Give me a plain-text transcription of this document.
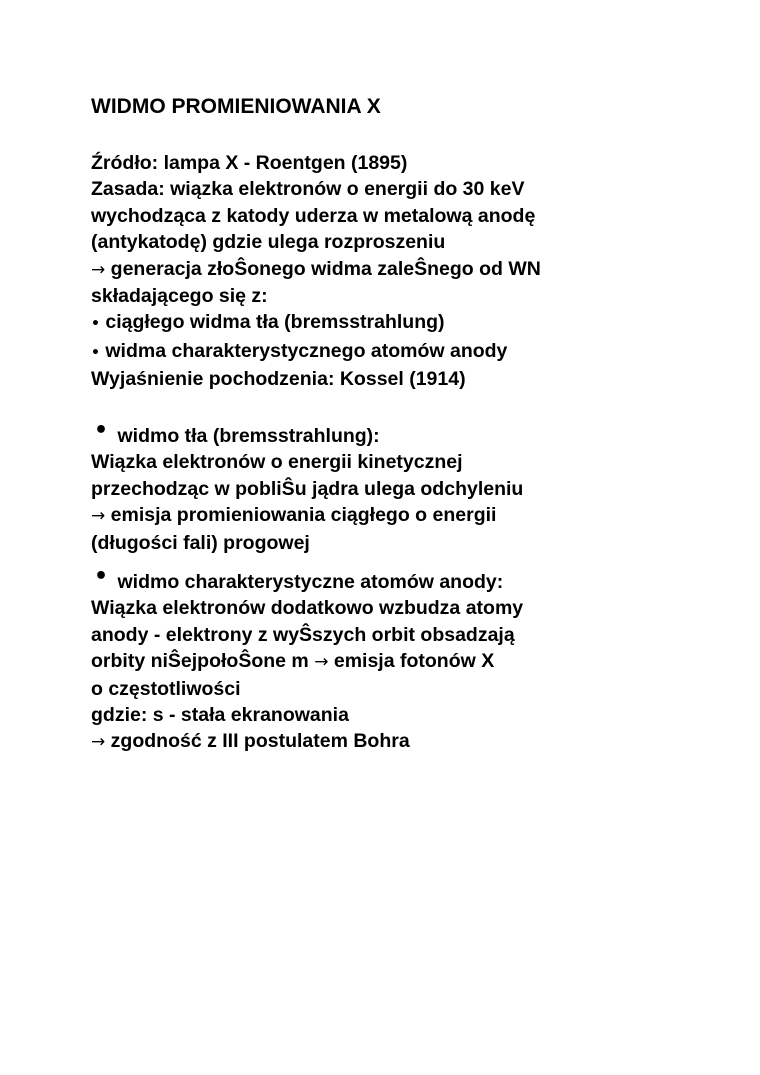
WIDMO PROMIENIOWANIA X
Źródło: lampa X - Roentgen (1895)
Zasada: wiązka elektronów o energii do 30 keV
wychodząca z katody uderza w metalową anodę
(antykatodę) gdzie ulega rozproszeniu
→ generacja złoŜonego widma zaleŜnego od WN
składającego się z:
• ciągłego widma tła (bremsstrahlung)
• widma charakterystycznego atomów anody
Wyjaśnienie pochodzenia: Kossel (1914)
• widmo tła (bremsstrahlung):
Wiązka elektronów o energii kinetycznej
przechodząc w pobliŜu jądra ulega odchyleniu
→ emisja promieniowania ciągłego o energii
(długości fali) progowej
• widmo charakterystyczne atomów anody:
Wiązka elektronów dodatkowo wzbudza atomy
anody - elektrony z wyŜszych orbit obsadzają
orbity niŜejpołoŜone m → emisja fotonów X
o częstotliwości
gdzie: s - stała ekranowania
→ zgodność z III postulatem Bohra
